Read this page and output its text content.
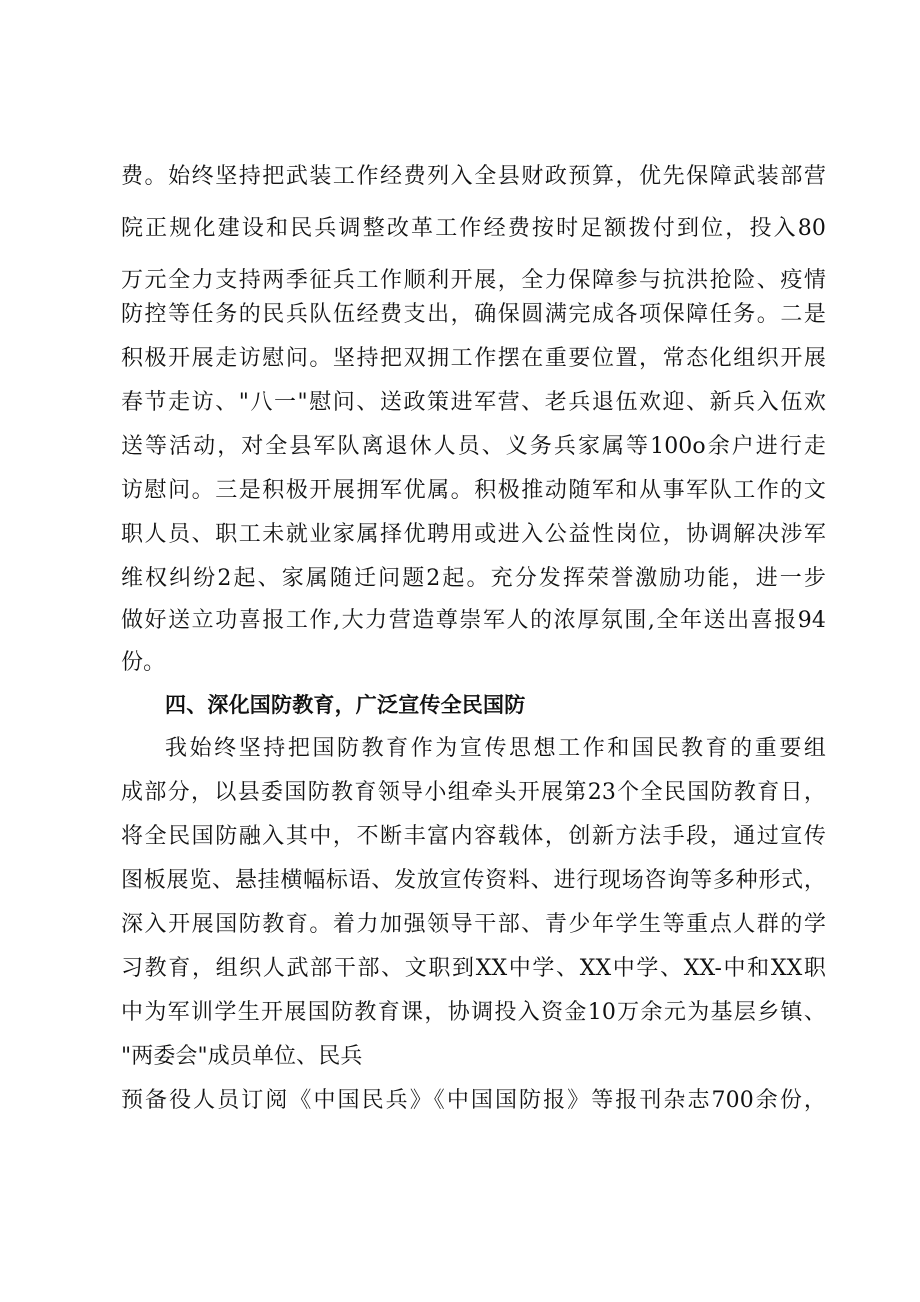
费。始终坚持把武装工作经费列入全县财政预算，优先保障武装部营
院正规化建设和民兵调整改革工作经费按时足额拨付到位，投入80
万元全力支持两季征兵工作顺利开展，全力保障参与抗洪抢险、疫情
防控等任务的民兵队伍经费支出，确保圆满完成各项保障任务。二是
积极开展走访慰问。坚持把双拥工作摆在重要位置，常态化组织开展
春节走访、"八一"慰问、送政策进军营、老兵退伍欢迎、新兵入伍欢
送等活动，对全县军队离退休人员、义务兵家属等100o余户进行走
访慰问。三是积极开展拥军优属。积极推动随军和从事军队工作的文
职人员、职工未就业家属择优聘用或进入公益性岗位，协调解决涉军
维权纠纷2起、家属随迁问题2起。充分发挥荣誉激励功能，进一步
做好送立功喜报工作,大力营造尊崇军人的浓厚氛围,全年送出喜报94
份。
四、深化国防教育，广泛宣传全民国防
我始终坚持把国防教育作为宣传思想工作和国民教育的重要组
成部分，以县委国防教育领导小组牵头开展第23个全民国防教育日，
将全民国防融入其中，不断丰富内容载体，创新方法手段，通过宣传
图板展览、悬挂横幅标语、发放宣传资料、进行现场咨询等多种形式，
深入开展国防教育。着力加强领导干部、青少年学生等重点人群的学
习教育，组织人武部干部、文职到XX中学、XX中学、XX-中和XX职
中为军训学生开展国防教育课，协调投入资金10万余元为基层乡镇、
"两委会"成员单位、民兵
预备役人员订阅《中国民兵》《中国国防报》等报刊杂志700余份，
